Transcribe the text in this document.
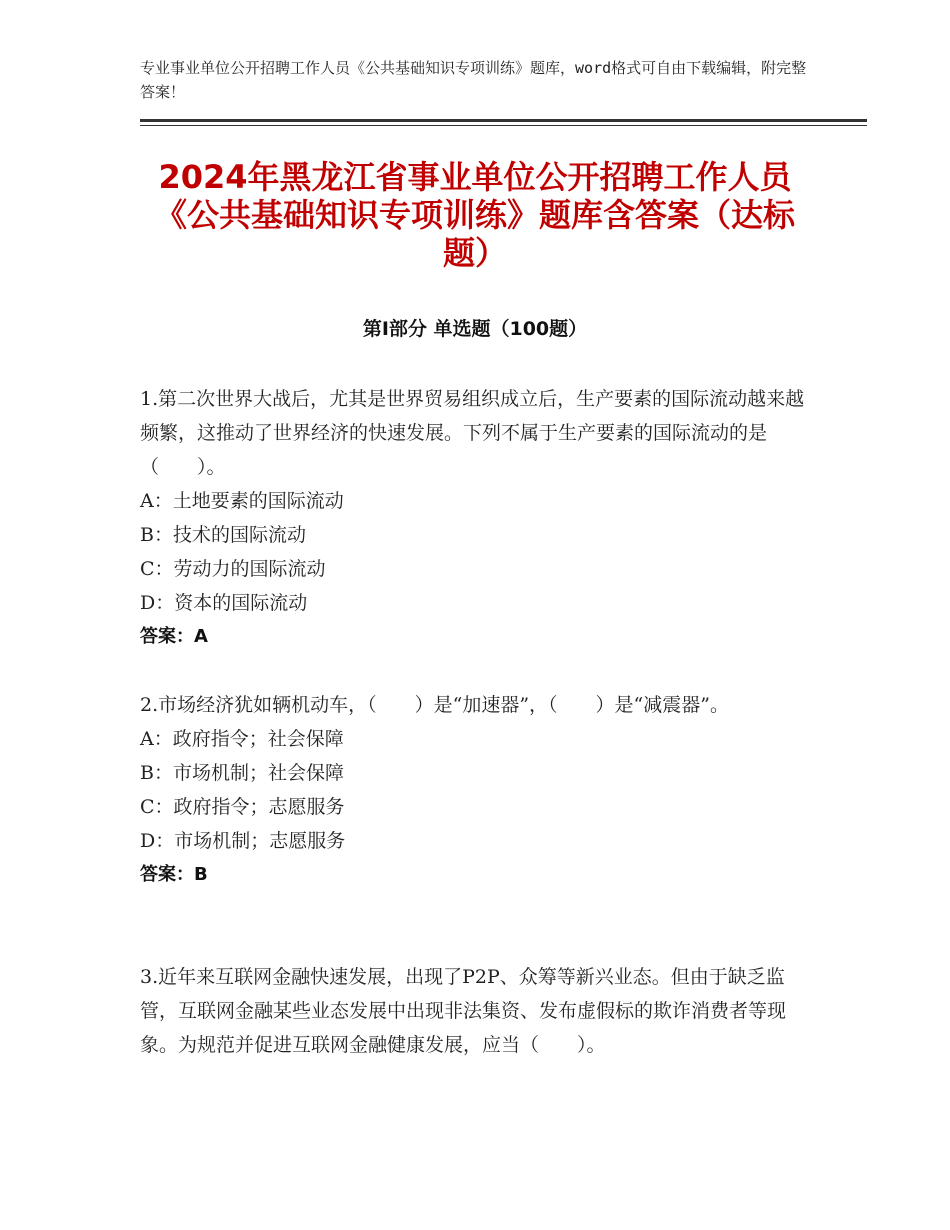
专业事业单位公开招聘工作人员《公共基础知识专项训练》题库，word格式可自由下载编辑，附完整答案！
2024年黑龙江省事业单位公开招聘工作人员《公共基础知识专项训练》题库含答案（达标题）
第Ⅰ部分 单选题（100题）
1.第二次世界大战后，尤其是世界贸易组织成立后，生产要素的国际流动越来越频繁，这推动了世界经济的快速发展。下列不属于生产要素的国际流动的是（　　）。
A：土地要素的国际流动
B：技术的国际流动
C：劳动力的国际流动
D：资本的国际流动
答案：A
2.市场经济犹如辆机动车，（　　）是“加速器”，（　　）是“减震器”。
A：政府指令；社会保障
B：市场机制；社会保障
C：政府指令；志愿服务
D：市场机制；志愿服务
答案：B
3.近年来互联网金融快速发展，出现了P2P、众筹等新兴业态。但由于缺乏监管，互联网金融某些业态发展中出现非法集资、发布虚假标的欺诈消费者等现象。为规范并促进互联网金融健康发展，应当（　　）。
